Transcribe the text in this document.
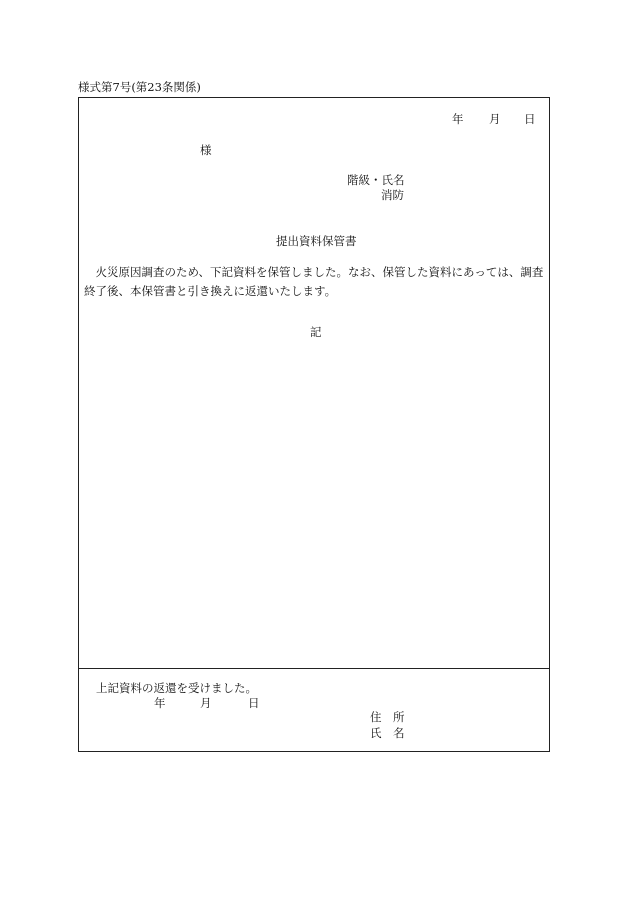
様式第7号(第23条関係)
年 月 日
様
階級・氏名
消防
提出資料保管書
火災原因調査のため、下記資料を保管しました。なお、保管した資料にあっては、調査終了後、本保管書と引き換えに返還いたします。
記
上記資料の返還を受けました。
年	月	日
住　所
氏　名
